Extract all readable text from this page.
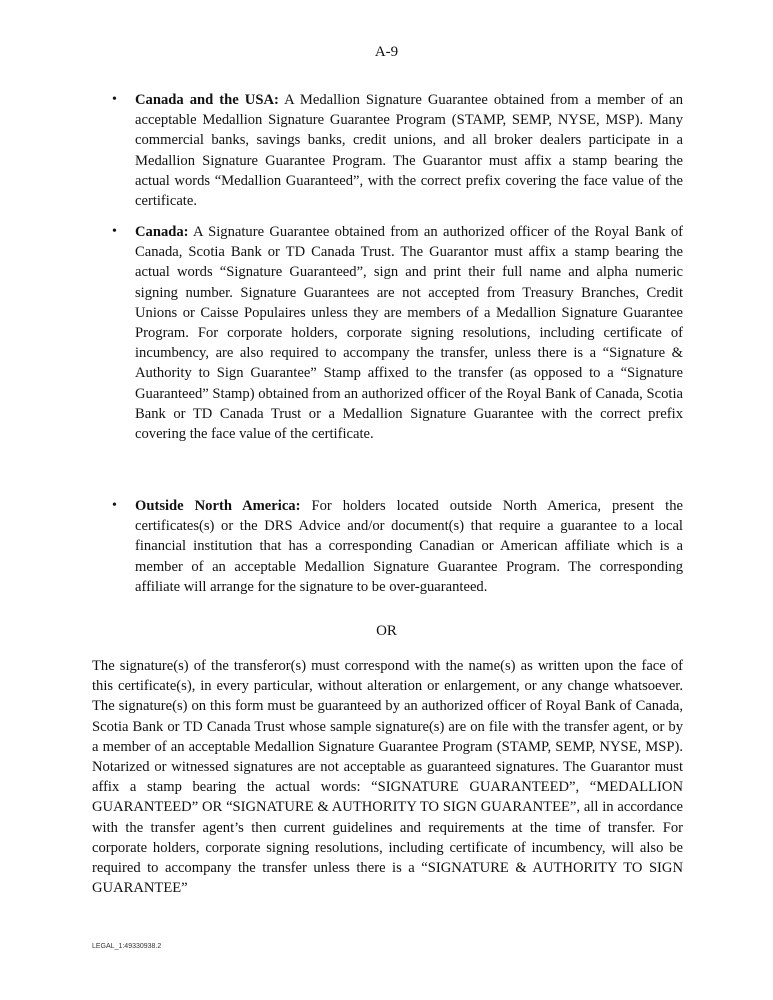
A-9
• Canada and the USA: A Medallion Signature Guarantee obtained from a member of an acceptable Medallion Signature Guarantee Program (STAMP, SEMP, NYSE, MSP). Many commercial banks, savings banks, credit unions, and all broker dealers participate in a Medallion Signature Guarantee Program. The Guarantor must affix a stamp bearing the actual words “Medallion Guaranteed”, with the correct prefix covering the face value of the certificate.
• Canada: A Signature Guarantee obtained from an authorized officer of the Royal Bank of Canada, Scotia Bank or TD Canada Trust. The Guarantor must affix a stamp bearing the actual words “Signature Guaranteed”, sign and print their full name and alpha numeric signing number. Signature Guarantees are not accepted from Treasury Branches, Credit Unions or Caisse Populaires unless they are members of a Medallion Signature Guarantee Program. For corporate holders, corporate signing resolutions, including certificate of incumbency, are also required to accompany the transfer, unless there is a “Signature & Authority to Sign Guarantee” Stamp affixed to the transfer (as opposed to a “Signature Guaranteed” Stamp) obtained from an authorized officer of the Royal Bank of Canada, Scotia Bank or TD Canada Trust or a Medallion Signature Guarantee with the correct prefix covering the face value of the certificate.
• Outside North America: For holders located outside North America, present the certificates(s) or the DRS Advice and/or document(s) that require a guarantee to a local financial institution that has a corresponding Canadian or American affiliate which is a member of an acceptable Medallion Signature Guarantee Program. The corresponding affiliate will arrange for the signature to be over-guaranteed.
OR
The signature(s) of the transferor(s) must correspond with the name(s) as written upon the face of this certificate(s), in every particular, without alteration or enlargement, or any change whatsoever. The signature(s) on this form must be guaranteed by an authorized officer of Royal Bank of Canada, Scotia Bank or TD Canada Trust whose sample signature(s) are on file with the transfer agent, or by a member of an acceptable Medallion Signature Guarantee Program (STAMP, SEMP, NYSE, MSP). Notarized or witnessed signatures are not acceptable as guaranteed signatures. The Guarantor must affix a stamp bearing the actual words: “SIGNATURE GUARANTEED”, “MEDALLION GUARANTEED” OR “SIGNATURE & AUTHORITY TO SIGN GUARANTEE”, all in accordance with the transfer agent’s then current guidelines and requirements at the time of transfer. For corporate holders, corporate signing resolutions, including certificate of incumbency, will also be required to accompany the transfer unless there is a “SIGNATURE & AUTHORITY TO SIGN GUARANTEE”
LEGAL_1:49330938.2
